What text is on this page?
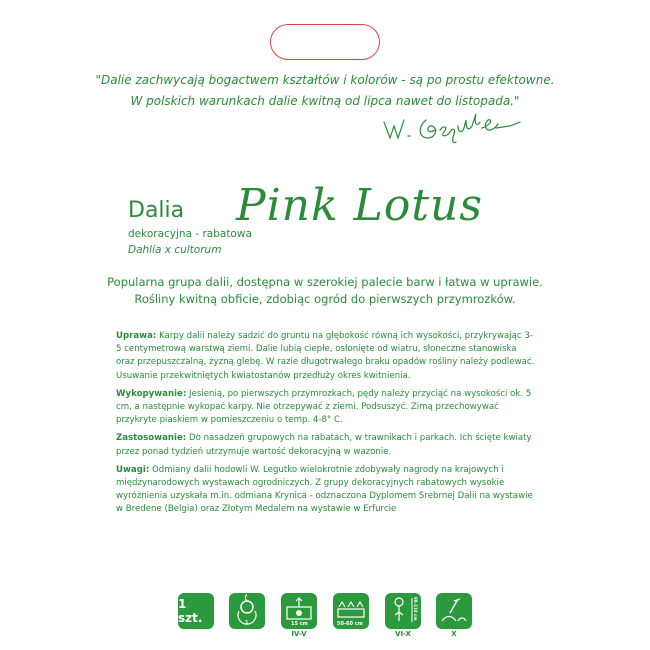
"Dalie zachwycają bogactwem kształtów i kolorów - są po prostu efektowne.
W polskich warunkach dalie kwitną od lipca nawet do listopada."
Dalia Pink Lotus
dekoracyjna - rabatowa
Dahlia x cultorum
Popularna grupa dalii, dostępna w szerokiej palecie barw i łatwa w uprawie.
Rośliny kwitną obficie, zdobiąc ogród do pierwszych przymrozków.
Uprawa: Karpy dalii należy sadzić do gruntu na głębokość równą ich wysokości, przykrywając 3-5 centymetrową warstwą ziemi. Dalie lubią ciepłe, osłonięte od wiatru, słoneczne stanowiska oraz przepuszczalną, żyzną glebę. W razie długotrwałego braku opadów rośliny należy podlewać. Usuwanie przekwitniętych kwiatostanów przedłuży okres kwitnienia.
Wykopywanie: Jesienią, po pierwszych przymrozkach, pędy należy przyciąć na wysokości ok. 5 cm, a następnie wykopać karpy. Nie otrzepywać z ziemi. Podsuszyć. Zimą przechowywać przykryte piaskiem w pomieszczeniu o temp. 4-8° C.
Zastosowanie: Do nasadzeń grupowych na rabatach, w trawnikach i parkach. Ich ścięte kwiaty przez ponad tydzień utrzymuje wartość dekoracyjną w wazonie.
Uwagi: Odmiany dalii hodowli W. Legutko wielokrotnie zdobywały nagrody na krajowych i międzynarodowych wystawach ogrodniczych. Z grupy dekoracyjnych rabatowych wysokie wyróżnienia uzyskała m.in. odmiana Krynica - odznaczona Dyplomem Srebrnej Dalii na wystawie w Bredene (Belgia) oraz Złotym Medalem na wystawie w Erfurcie
1 szt.	1	15 cm
IV-V
50-60 cm
90-110 cm
VI-X	X
